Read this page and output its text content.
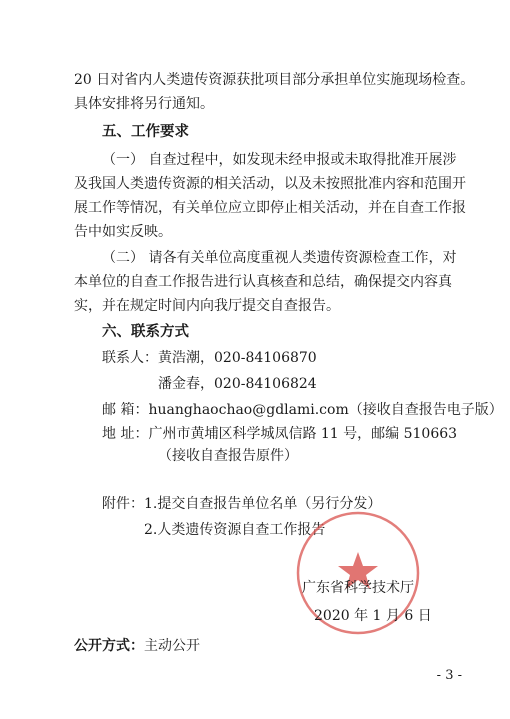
20 日对省内人类遗传资源获批项目部分承担单位实施现场检查。
具体安排将另行通知。
五、工作要求
（一） 自查过程中，如发现未经申报或未取得批准开展涉
及我国人类遗传资源的相关活动，以及未按照批准内容和范围开
展工作等情况，有关单位应立即停止相关活动，并在自查工作报
告中如实反映。
（二） 请各有关单位高度重视人类遗传资源检查工作，对
本单位的自查工作报告进行认真核查和总结，确保提交内容真
实，并在规定时间内向我厅提交自查报告。
六、联系方式
联系人：黄浩潮，020-84106870
潘金春，020-84106824
邮 箱：huanghaochao@gdlami.com（接收自查报告电子版）
地 址：广州市黄埔区科学城凤信路 11 号，邮编 510663
（接收自查报告原件）
附件：1.提交自查报告单位名单（另行分发）
2.人类遗传资源自查工作报告
广东省科学技术厅
2020 年 1 月 6 日
公开方式：主动公开
- 3 -
